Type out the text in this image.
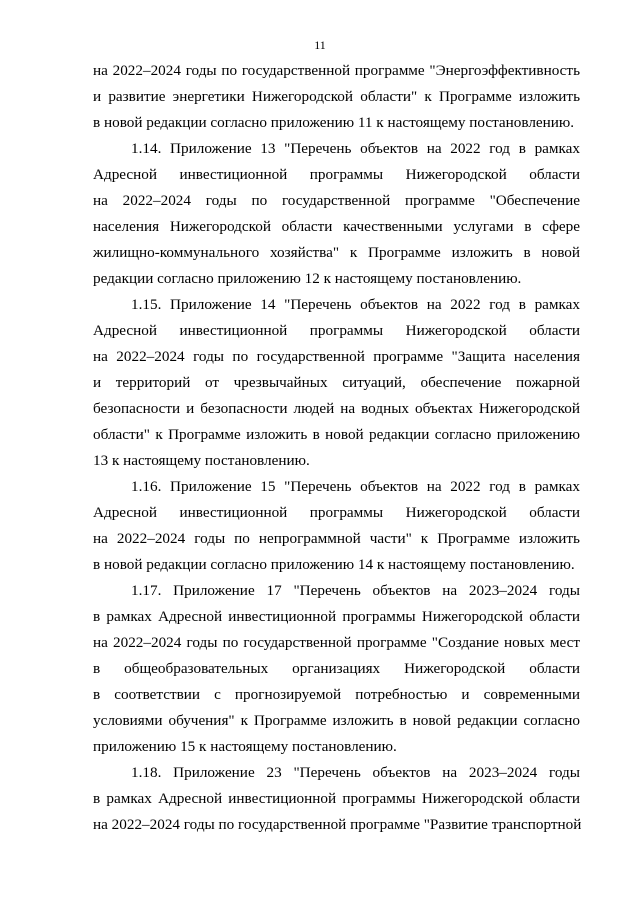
11
на 2022–2024 годы по государственной программе "Энергоэффективность
и развитие энергетики Нижегородской области" к Программе изложить
в новой редакции согласно приложению 11 к настоящему постановлению.
1.14. Приложение 13 "Перечень объектов на 2022 год в рамках
Адресной инвестиционной программы Нижегородской области
на 2022–2024 годы по государственной программе "Обеспечение
населения Нижегородской области качественными услугами в сфере
жилищно-коммунального хозяйства" к Программе изложить в новой
редакции согласно приложению 12 к настоящему постановлению.
1.15. Приложение 14 "Перечень объектов на 2022 год в рамках
Адресной инвестиционной программы Нижегородской области
на 2022–2024 годы по государственной программе "Защита населения
и территорий от чрезвычайных ситуаций, обеспечение пожарной
безопасности и безопасности людей на водных объектах Нижегородской
области" к Программе изложить в новой редакции согласно приложению
13 к настоящему постановлению.
1.16. Приложение 15 "Перечень объектов на 2022 год в рамках
Адресной инвестиционной программы Нижегородской области
на 2022–2024 годы по непрограммной части" к Программе изложить
в новой редакции согласно приложению 14 к настоящему постановлению.
1.17. Приложение 17 "Перечень объектов на 2023–2024 годы
в рамках Адресной инвестиционной программы Нижегородской области
на 2022–2024 годы по государственной программе "Создание новых мест
в общеобразовательных организациях Нижегородской области
в соответствии с прогнозируемой потребностью и современными
условиями обучения" к Программе изложить в новой редакции согласно
приложению 15 к настоящему постановлению.
1.18. Приложение 23 "Перечень объектов на 2023–2024 годы
в рамках Адресной инвестиционной программы Нижегородской области
на 2022–2024 годы по государственной программе "Развитие транспортной
